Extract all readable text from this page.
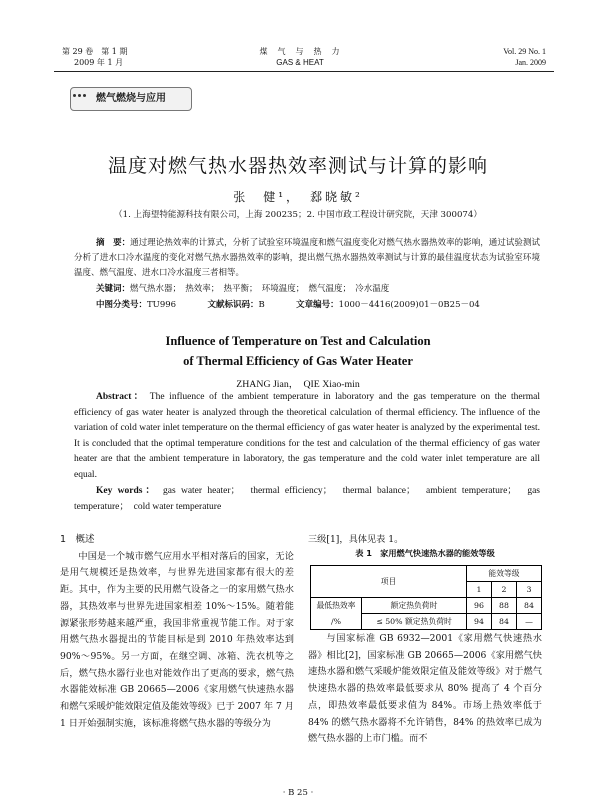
第 29 卷　第 1 期
2009 年 1 月
煤　气　与　热　力
GAS & HEAT
Vol. 29 No. 1
Jan. 2009
燃气燃烧与应用
温度对燃气热水器热效率测试与计算的影响
张　健¹，　郄晓敏²
（1. 上海望特能源科技有限公司，上海 200235；2. 中国市政工程设计研究院，天津 300074）
摘　要：通过理论热效率的计算式，分析了试验室环境温度和燃气温度变化对燃气热水器热效率的影响，通过试验测试分析了进水口冷水温度的变化对燃气热水器热效率的影响，提出燃气热水器热效率测试与计算的最佳温度状态为试验室环境温度、燃气温度、进水口冷水温度三者相等。
关键词：燃气热水器；　热效率；　热平衡；　环境温度；　燃气温度；　冷水温度
中图分类号：TU996	文献标识码：B	文章编号：1000－4416(2009)01－0B25－04
Influence of Temperature on Test and Calculation
of Thermal Efficiency of Gas Water Heater
ZHANG Jian，　QIE Xiao-min
Abstract： The influence of the ambient temperature in laboratory and the gas temperature on the thermal efficiency of gas water heater is analyzed through the theoretical calculation of thermal efficiency. The influence of the variation of cold water inlet temperature on the thermal efficiency of gas water heater is analyzed by the experimental test. It is concluded that the optimal temperature conditions for the test and calculation of the thermal efficiency of gas water heater are that the ambient temperature in laboratory, the gas temperature and the cold water inlet temperature are all equal.
Key words： gas water heater；　thermal efficiency；　thermal balance；　ambient temperature；　gas temperature；　cold water temperature
1　概述

中国是一个城市燃气应用水平相对落后的国家，无论是用气规模还是热效率，与世界先进国家都有很大的差距。其中，作为主要的民用燃气设备之一的家用燃气热水器，其热效率与世界先进国家相差 10%～15%。随着能源紧张形势越来越严重，我国非常重视节能工作。对于家用燃气热水器提出的节能目标是到 2010 年热效率达到 90%～95%。另一方面，在继空调、冰箱、洗衣机等之后，燃气热水器行业也对能效作出了更高的要求，燃气热水器能效标准 GB 20665—2006《家用燃气快速热水器和燃气采暖炉能效限定值及能效等级》已于 2007 年 7 月 1 日开始强制实施，该标准将燃气热水器的等级分为

三级[1]，具体见表 1。
表 1　家用燃气快速热水器的能效等级
项目		能效等级		
		1	2	3
最低热效率	额定热负荷时	96	88	84
/%	≤ 50% 额定热负荷时	94	84	—

与国家标准 GB 6932—2001《家用燃气快速热水器》相比[2]，国家标准 GB 20665—2006《家用燃气快速热水器和燃气采暖炉能效限定值及能效等级》对于燃气快速热水器的热效率最低要求从 80% 提高了 4 个百分点，即热效率最低要求值为 84%。市场上热效率低于 84% 的燃气热水器将不允许销售，84% 的热效率已成为燃气热水器的上市门槛。而不

· B 25 ·
